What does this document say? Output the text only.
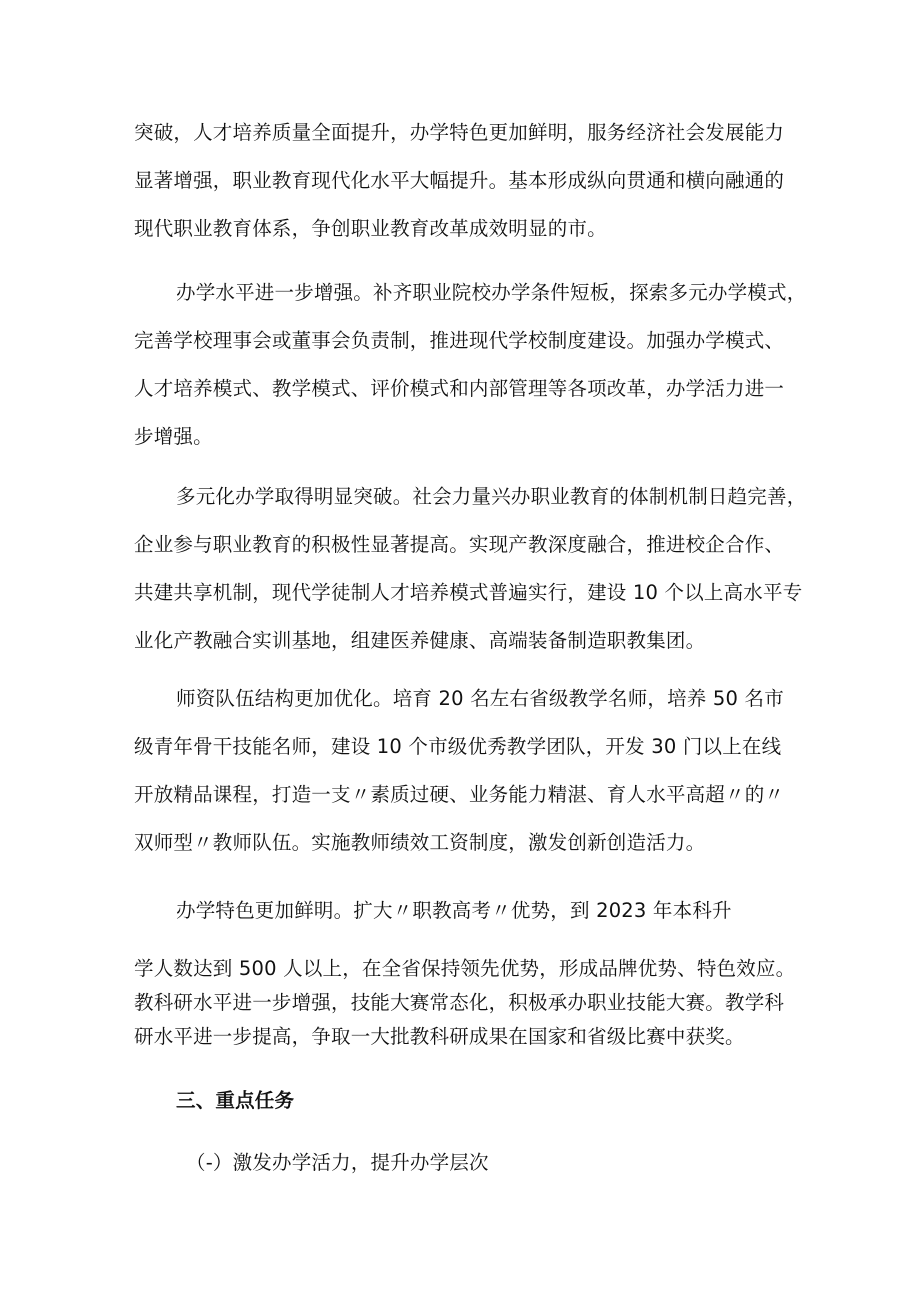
突破，人才培养质量全面提升，办学特色更加鲜明，服务经济社会发展能力
显著增强，职业教育现代化水平大幅提升。基本形成纵向贯通和横向融通的
现代职业教育体系，争创职业教育改革成效明显的市。
办学水平进一步增强。补齐职业院校办学条件短板，探索多元办学模式，
完善学校理事会或董事会负责制，推进现代学校制度建设。加强办学模式、
人才培养模式、教学模式、评价模式和内部管理等各项改革，办学活力进一
步增强。
多元化办学取得明显突破。社会力量兴办职业教育的体制机制日趋完善，
企业参与职业教育的积极性显著提高。实现产教深度融合，推进校企合作、
共建共享机制，现代学徒制人才培养模式普遍实行，建设 10 个以上高水平专
业化产教融合实训基地，组建医养健康、高端装备制造职教集团。
师资队伍结构更加优化。培育 20 名左右省级教学名师，培养 50 名市
级青年骨干技能名师，建设 10 个市级优秀教学团队，开发 30 门以上在线
开放精品课程，打造一支〃素质过硬、业务能力精湛、育人水平高超〃的〃
双师型〃教师队伍。实施教师绩效工资制度，激发创新创造活力。
办学特色更加鲜明。扩大〃职教高考〃优势，到 2023 年本科升
学人数达到 500 人以上，在全省保持领先优势，形成品牌优势、特色效应。
教科研水平进一步增强，技能大赛常态化，积极承办职业技能大赛。教学科
研水平进一步提高，争取一大批教科研成果在国家和省级比赛中获奖。
三、重点任务
（-）激发办学活力，提升办学层次
